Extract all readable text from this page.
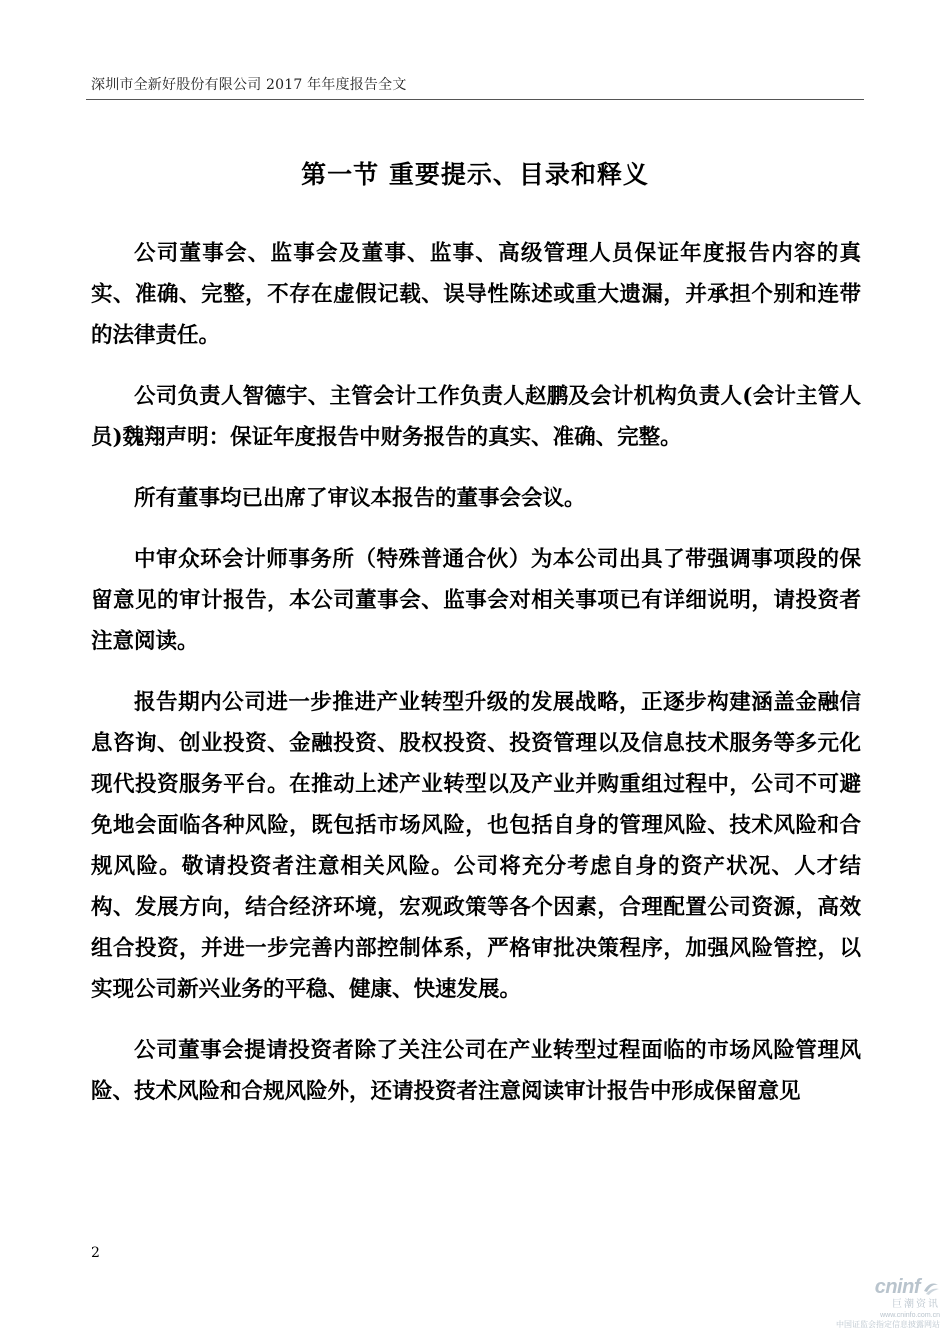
深圳市全新好股份有限公司 2017 年年度报告全文
第一节 重要提示、目录和释义

公司董事会、监事会及董事、监事、高级管理人员保证年度报告内容的真实、准确、完整，不存在虚假记载、误导性陈述或重大遗漏，并承担个别和连带的法律责任。

公司负责人智德宇、主管会计工作负责人赵鹏及会计机构负责人(会计主管人员)魏翔声明：保证年度报告中财务报告的真实、准确、完整。

所有董事均已出席了审议本报告的董事会会议。

中审众环会计师事务所（特殊普通合伙）为本公司出具了带强调事项段的保留意见的审计报告，本公司董事会、监事会对相关事项已有详细说明，请投资者注意阅读。

报告期内公司进一步推进产业转型升级的发展战略，正逐步构建涵盖金融信息咨询、创业投资、金融投资、股权投资、投资管理以及信息技术服务等多元化现代投资服务平台。在推动上述产业转型以及产业并购重组过程中，公司不可避免地会面临各种风险，既包括市场风险，也包括自身的管理风险、技术风险和合规风险。敬请投资者注意相关风险。公司将充分考虑自身的资产状况、人才结构、发展方向，结合经济环境，宏观政策等各个因素，合理配置公司资源，高效组合投资，并进一步完善内部控制体系，严格审批决策程序，加强风险管控，以实现公司新兴业务的平稳、健康、快速发展。

公司董事会提请投资者除了关注公司在产业转型过程面临的市场风险管理风险、技术风险和合规风险外，还请投资者注意阅读审计报告中形成保留意见

2
cninf
巨潮资讯
www.cninfo.com.cn
中国证监会指定信息披露网站
